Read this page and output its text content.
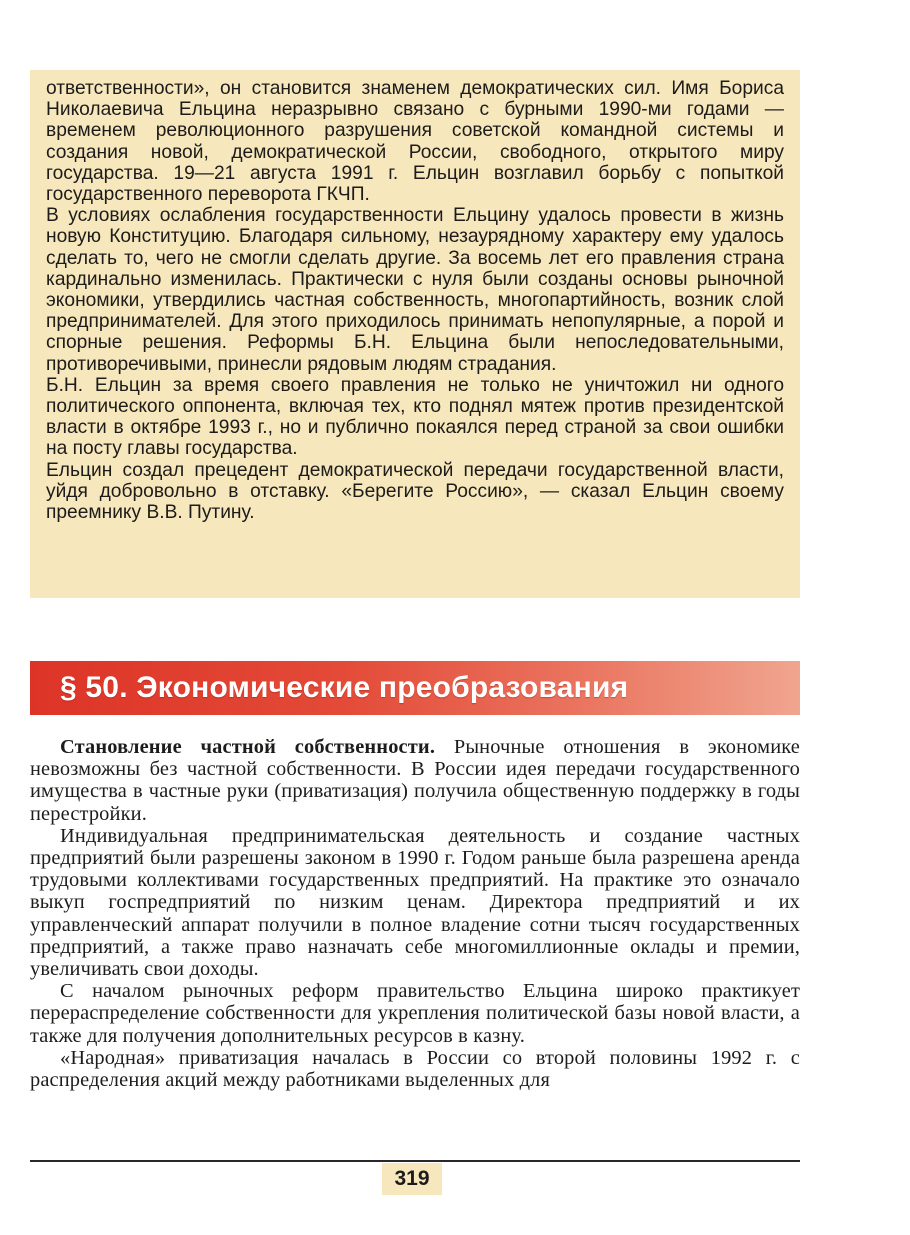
ответственности», он становится знаменем демократических сил. Имя Бориса Николаевича Ельцина неразрывно связано с бурными 1990-ми годами — временем революционного разрушения советской командной системы и создания новой, демократической России, свободного, открытого миру государства. 19—21 августа 1991 г. Ельцин возглавил борьбу с попыткой государственного переворота ГКЧП.

В условиях ослабления государственности Ельцину удалось провести в жизнь новую Конституцию. Благодаря сильному, незаурядному характеру ему удалось сделать то, чего не смогли сделать другие. За восемь лет его правления страна кардинально изменилась. Практически с нуля были созданы основы рыночной экономики, утвердились частная собственность, многопартийность, возник слой предпринимателей. Для этого приходилось принимать непопулярные, а порой и спорные решения. Реформы Б.Н. Ельцина были непоследовательными, противоречивыми, принесли рядовым людям страдания.

Б.Н. Ельцин за время своего правления не только не уничтожил ни одного политического оппонента, включая тех, кто поднял мятеж против президентской власти в октябре 1993 г., но и публично покаялся перед страной за свои ошибки на посту главы государства.

Ельцин создал прецедент демократической передачи государственной власти, уйдя добровольно в отставку. «Берегите Россию», — сказал Ельцин своему преемнику В.В. Путину.

§ 50. Экономические преобразования

Становление частной собственности. Рыночные отношения в экономике невозможны без частной собственности. В России идея передачи государственного имущества в частные руки (приватизация) получила общественную поддержку в годы перестройки.

Индивидуальная предпринимательская деятельность и создание частных предприятий были разрешены законом в 1990 г. Годом раньше была разрешена аренда трудовыми коллективами государственных предприятий. На практике это означало выкуп госпредприятий по низким ценам. Директора предприятий и их управленческий аппарат получили в полное владение сотни тысяч государственных предприятий, а также право назначать себе многомиллионные оклады и премии, увеличивать свои доходы.

С началом рыночных реформ правительство Ельцина широко практикует перераспределение собственности для укрепления политической базы новой власти, а также для получения дополнительных ресурсов в казну.

«Народная» приватизация началась в России со второй половины 1992 г. с распределения акций между работниками выделенных для

319
